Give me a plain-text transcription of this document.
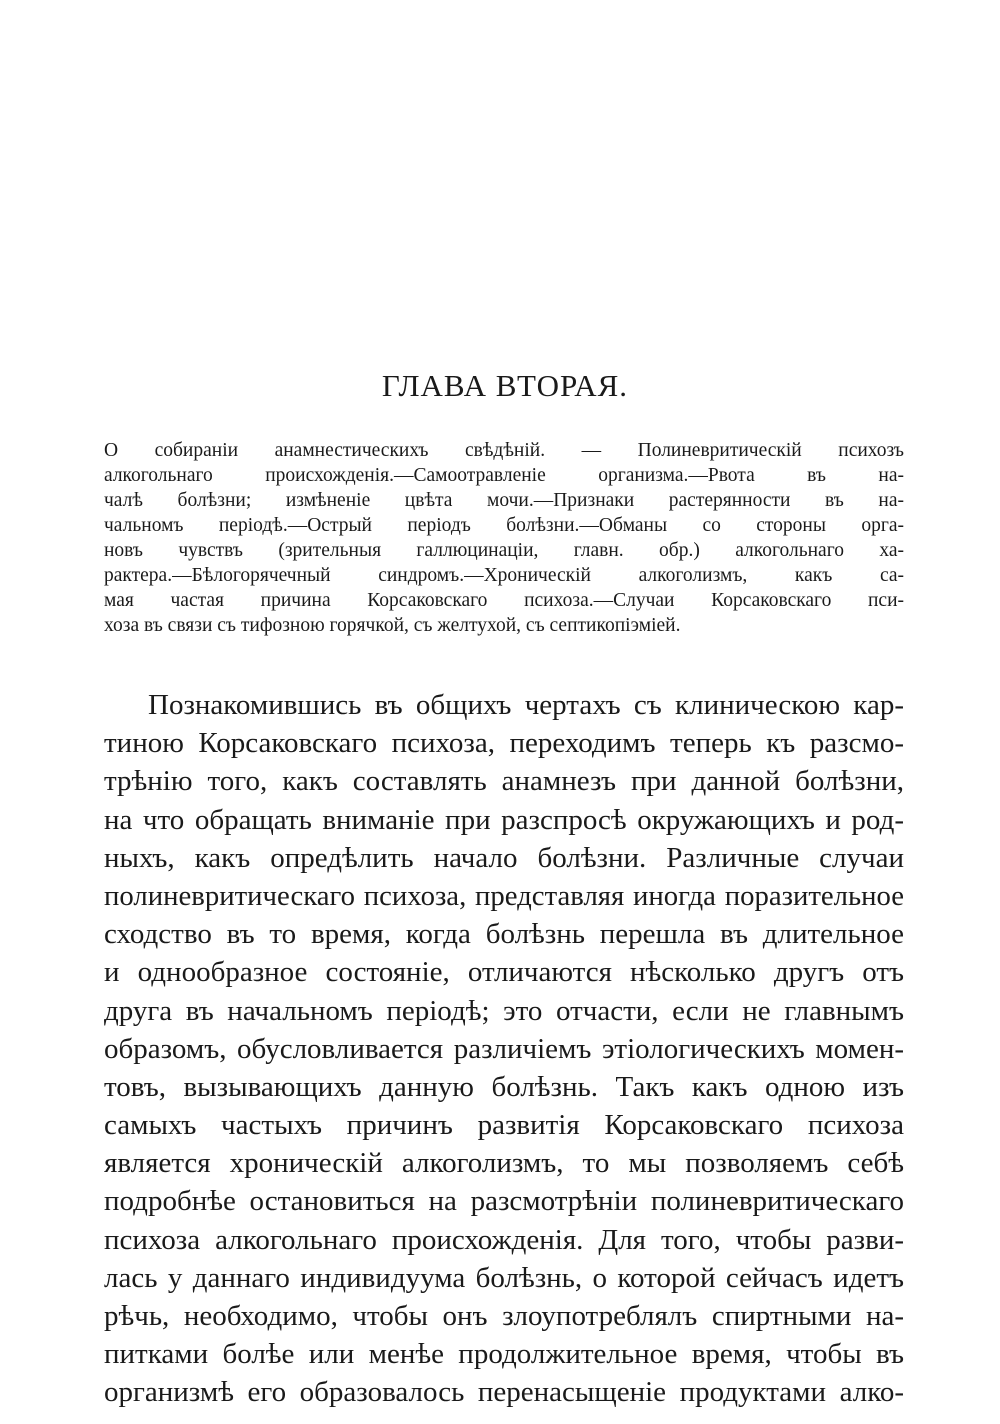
ГЛАВА ВТОРАЯ.
О собиранiи анамнестическихъ свѣдѣнiй. — Полиневритическiй психозъ
алкогольнаго происхожденiя.—Самоотравленiе организма.—Рвота въ на-
чалѣ болѣзни; измѣненiе цвѣта мочи.—Признаки растерянности въ на-
чальномъ перiодѣ.—Острый перiодъ болѣзни.—Обманы со стороны орга-
новъ чувствъ (зрительныя галлюцинацiи, главн. обр.) алкогольнаго ха-
рактера.—Бѣлогорячечный синдромъ.—Хроническiй алкоголизмъ, какъ са-
мая частая причина Корсаковскаго психоза.—Случаи Корсаковскаго пси-
хоза въ связи съ тифозною горячкой, съ желтухой, съ септикопiэмiей.
Познакомившись въ общихъ чертахъ съ клиническою кар-
тиною Корсаковскаго психоза, переходимъ теперь къ разсмо-
трѣнiю того, какъ составлять анамнезъ при данной болѣзни,
на что обращать вниманiе при разспросѣ окружающихъ и род-
ныхъ, какъ опредѣлить начало болѣзни. Различные случаи
полиневритическаго психоза, представляя иногда поразительное
сходство въ то время, когда болѣзнь перешла въ длительное
и однообразное состоянiе, отличаются нѣсколько другъ отъ
друга въ начальномъ перiодѣ; это отчасти, если не главнымъ
образомъ, обусловливается различiемъ этiологическихъ момен-
товъ, вызывающихъ данную болѣзнь. Такъ какъ одною изъ
самыхъ частыхъ причинъ развитiя Корсаковскаго психоза
является хроническiй алкоголизмъ, то мы позволяемъ себѣ
подробнѣе остановиться на разсмотрѣнiи полиневритическаго
психоза алкогольнаго происхожденiя. Для того, чтобы разви-
лась у даннаго индивидуума болѣзнь, о которой сейчасъ идетъ
рѣчь, необходимо, чтобы онъ злоупотреблялъ спиртными на-
питками болѣе или менѣе продолжительное время, чтобы въ
организмѣ его образовалось перенасыщенiе продуктами алко-
